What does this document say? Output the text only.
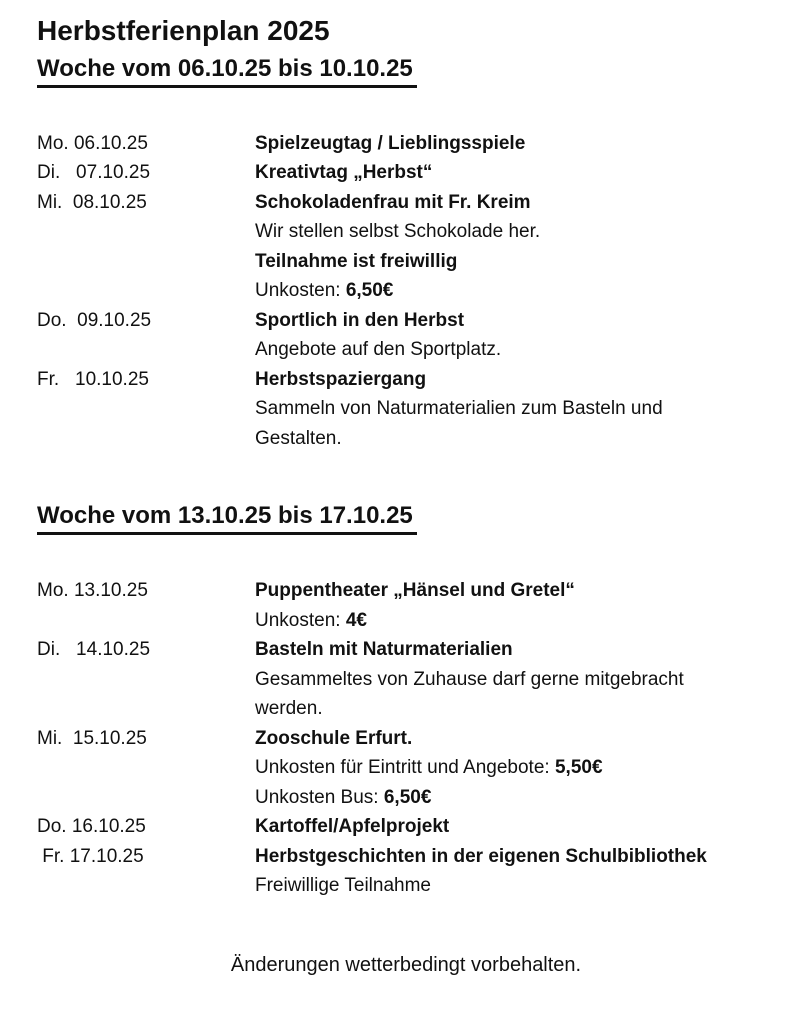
Herbstferienplan 2025
Woche vom 06.10.25 bis 10.10.25
Mo. 06.10.25	Spielzeugtag / Lieblingsspiele
Di.   07.10.25	Kreativtag „Herbst“
Mi.  08.10.25	Schokoladenfrau mit Fr. Kreim
Wir stellen selbst Schokolade her.
Teilnahme ist freiwillig
Unkosten: 6,50€
Do.  09.10.25	Sportlich in den Herbst
Angebote auf den Sportplatz.
Fr.   10.10.25	Herbstspaziergang
Sammeln von Naturmaterialien zum Basteln und Gestalten.
Woche vom 13.10.25 bis 17.10.25
Mo. 13.10.25	Puppentheater „Hänsel und Gretel“
Unkosten: 4€
Di.   14.10.25	Basteln mit Naturmaterialien
Gesammeltes von Zuhause darf gerne mitgebracht werden.
Mi.  15.10.25	Zooschule Erfurt.
Unkosten für Eintritt und Angebote: 5,50€
Unkosten Bus: 6,50€
Do. 16.10.25	Kartoffel/Apfelprojekt
Fr. 17.10.25	Herbstgeschichten in der eigenen Schulbibliothek
Freiwillige Teilnahme
Änderungen wetterbedingt vorbehalten.
